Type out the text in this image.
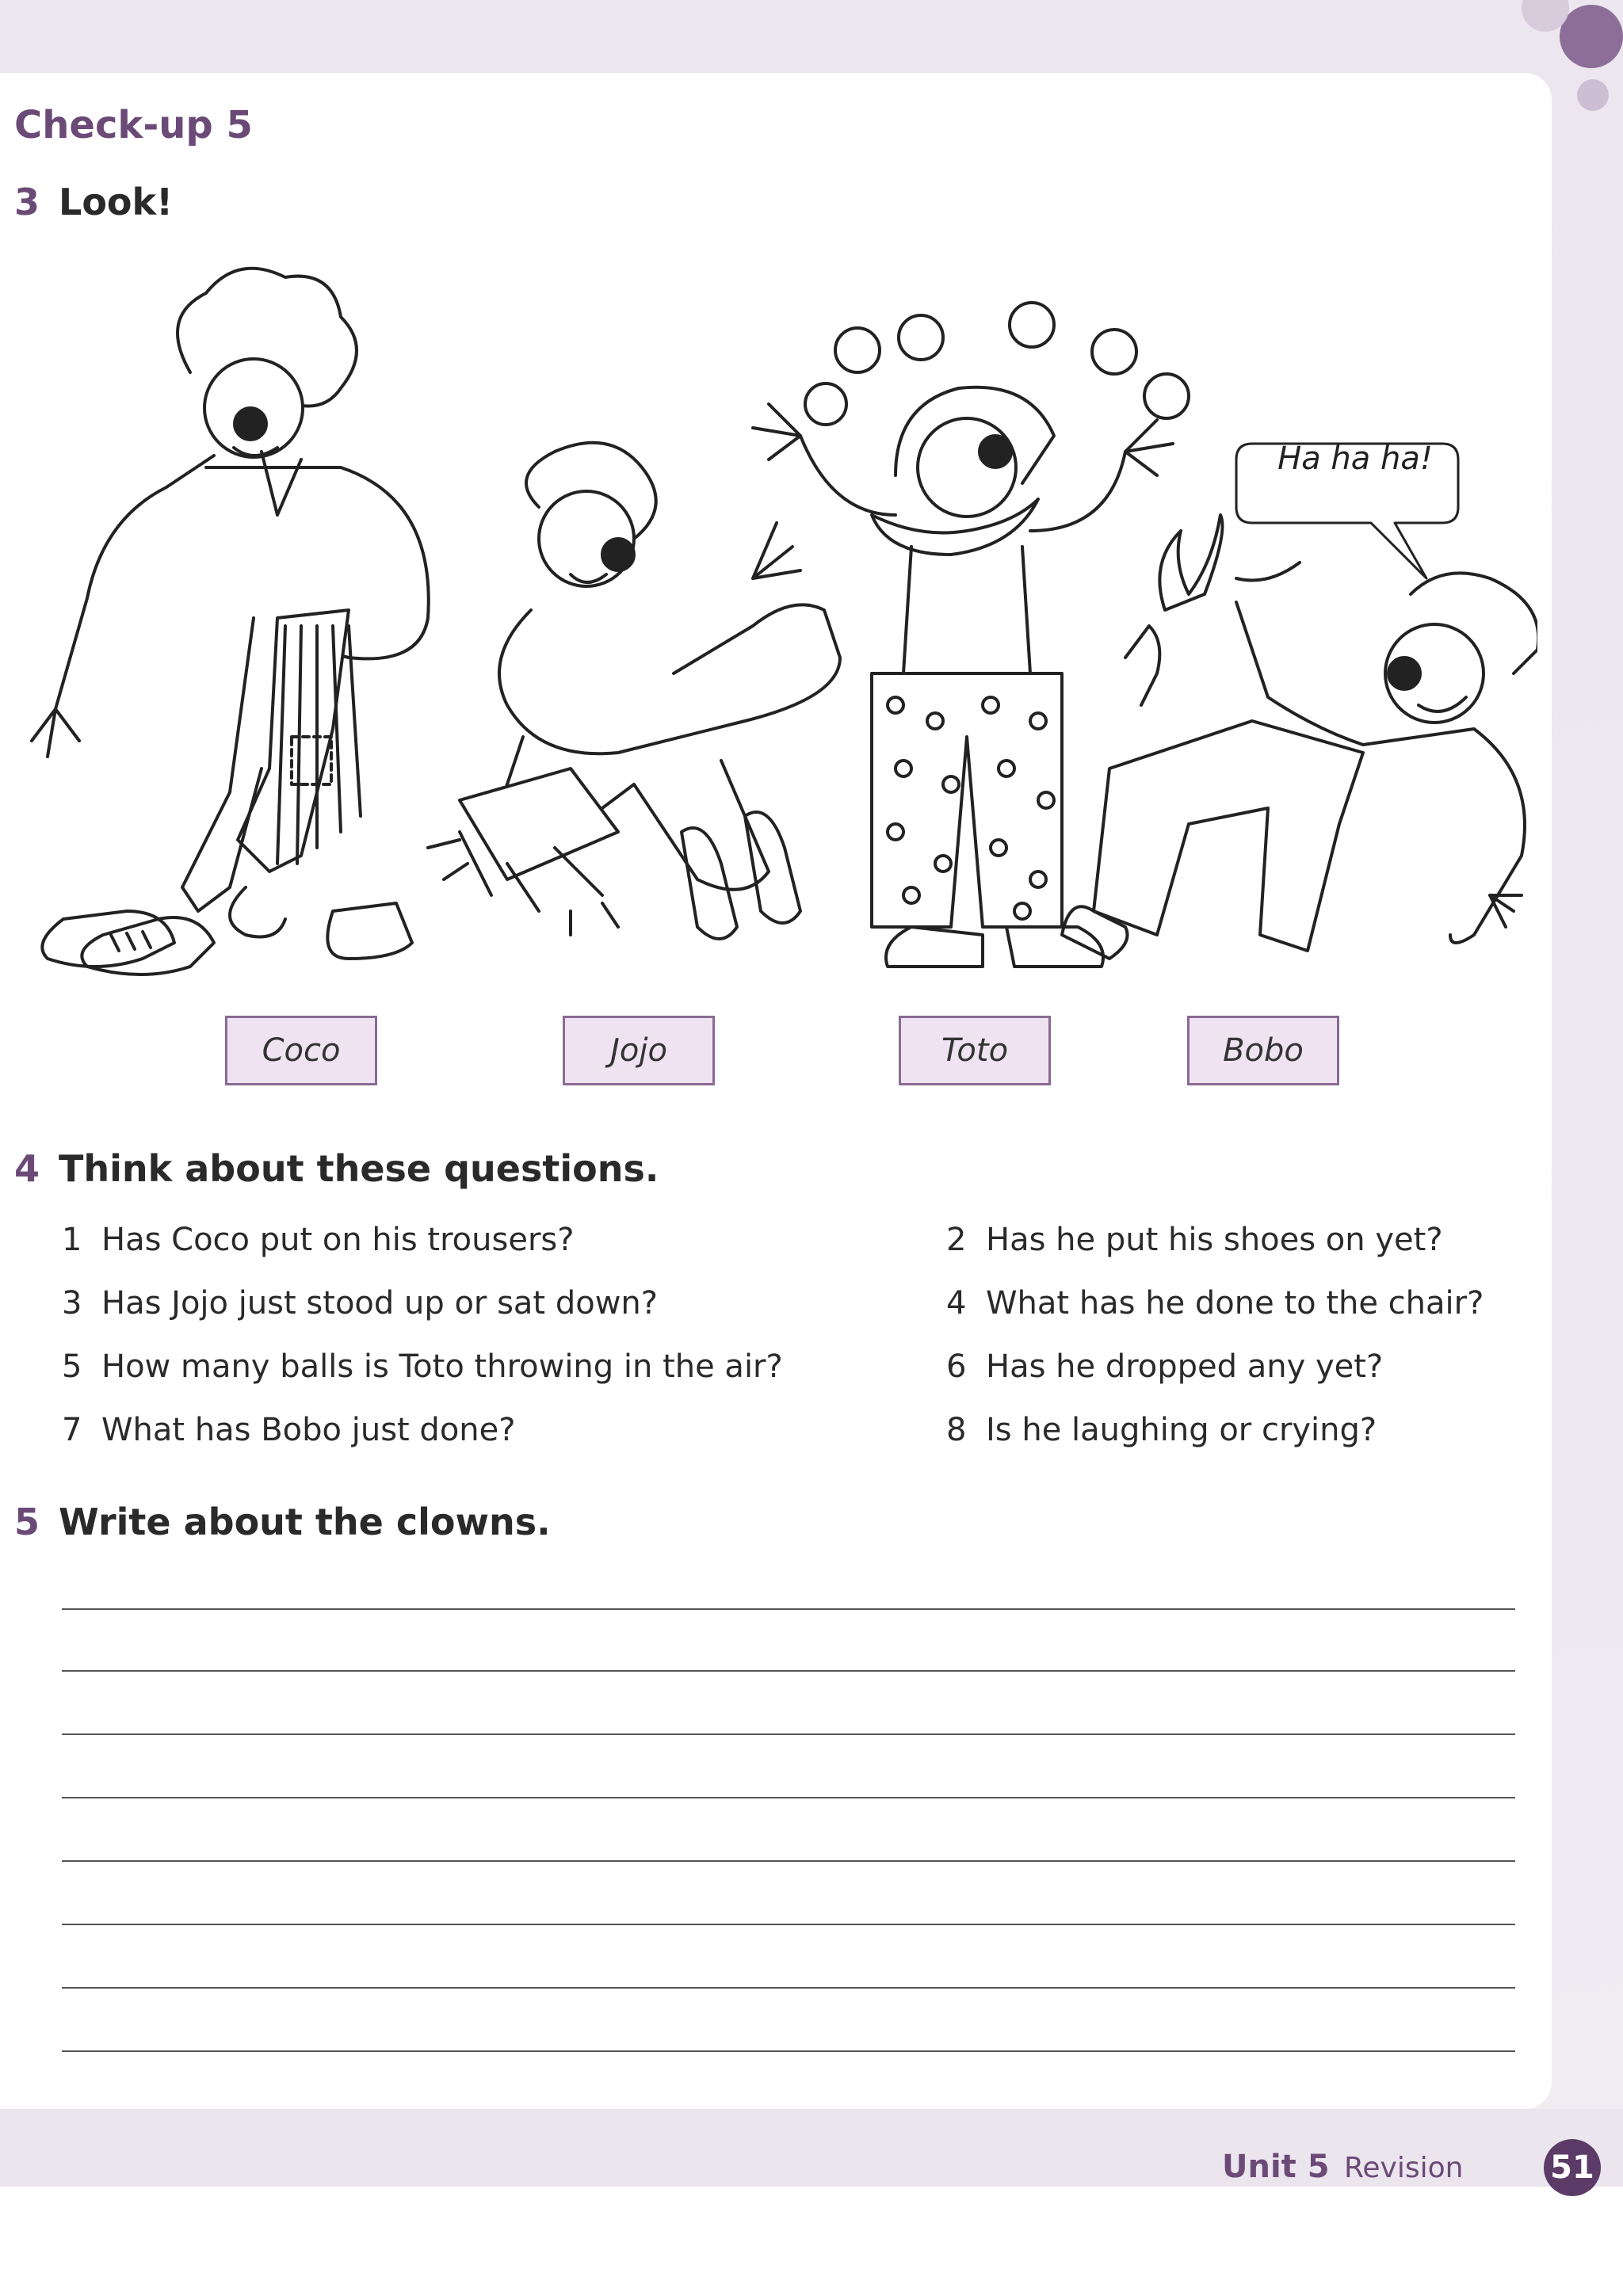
Check-up 5
3 Look!
Ha ha ha!
Coco	Jojo	Toto	Bobo
4 Think about these questions.
1 Has Coco put on his trousers?	2 Has he put his shoes on yet?
3 Has Jojo just stood up or sat down?	4 What has he done to the chair?
5 How many balls is Toto throwing in the air?	6 Has he dropped any yet?
7 What has Bobo just done?	8 Is he laughing or crying?
5 Write about the clowns.
Unit 5 Revision	51
